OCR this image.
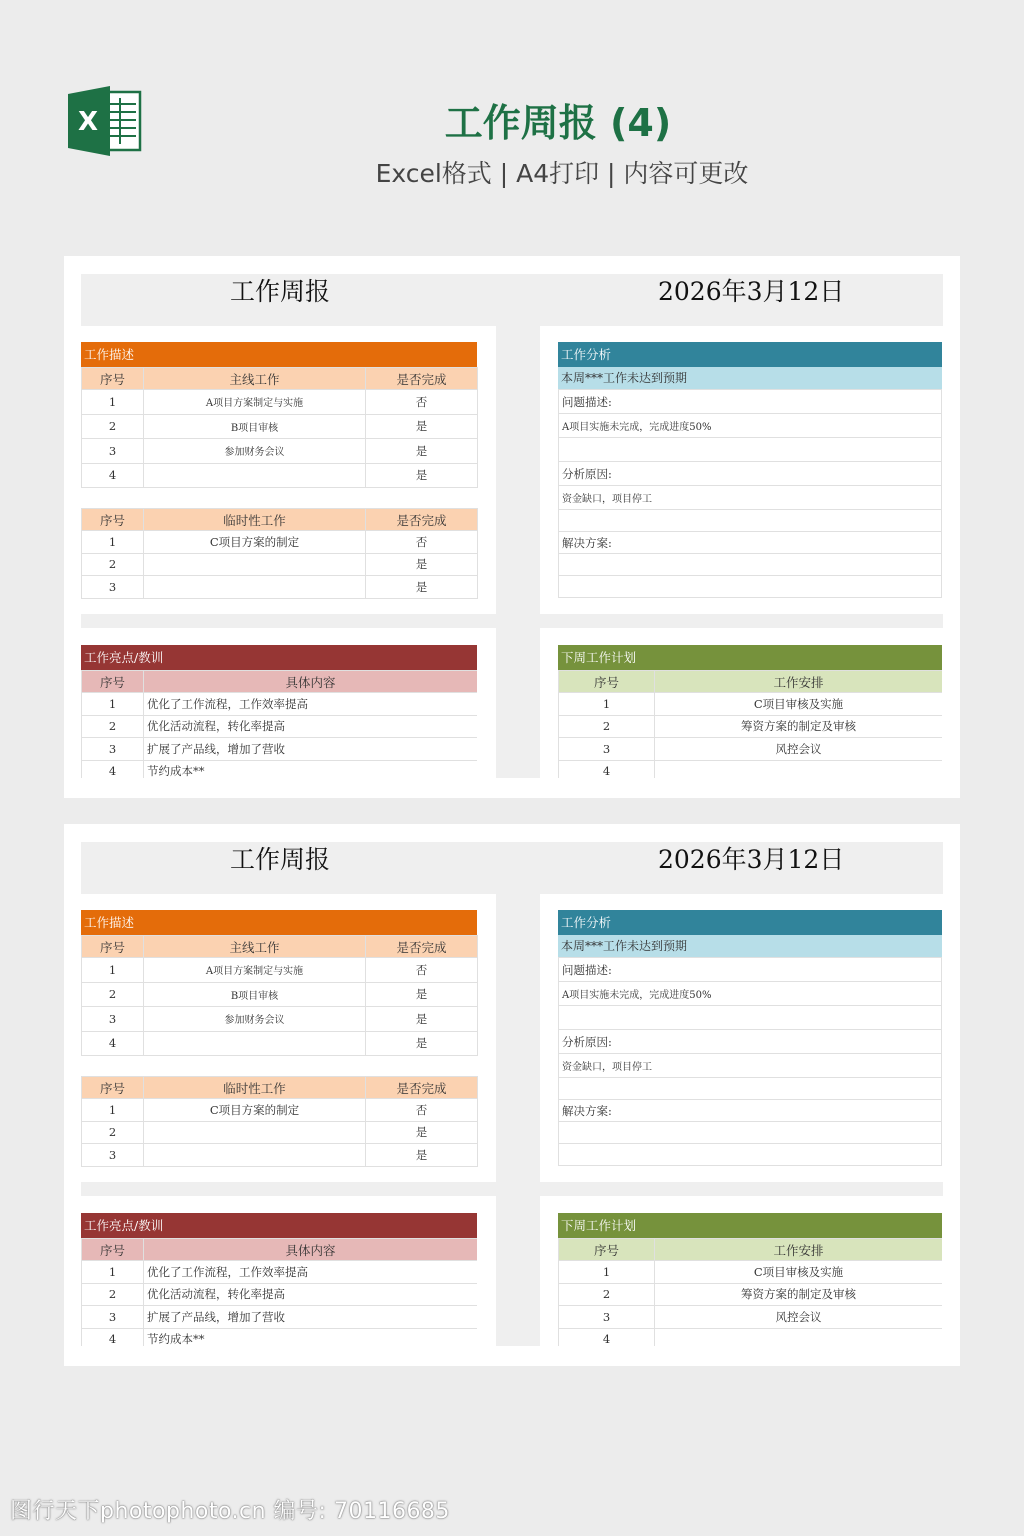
X	工作周报 (4)
Excel格式 | A4打印 | 内容可更改
图行天下photophoto.cn 编号: 70116685
工作周报	2026年3月12日
工作描述
序号	主线工作	是否完成
1	A项目方案制定与实施	否
2	B项目审核	是
3	参加财务会议	是
4		是
序号	临时性工作	是否完成
1	C项目方案的制定	否
2		是
3		是
工作分析
本周***工作未达到预期
问题描述:
A项目实施未完成，完成进度50%

分析原因:
资金缺口，项目停工

解决方案:

工作亮点/教训
序号	具体内容
1	优化了工作流程，工作效率提高
2	优化活动流程，转化率提高
3	扩展了产品线，增加了营收
4	节约成本**
下周工作计划
序号	工作安排
1	C项目审核及实施
2	筹资方案的制定及审核
3	风控会议
4	
工作周报	2026年3月12日
工作描述
序号	主线工作	是否完成
1	A项目方案制定与实施	否
2	B项目审核	是
3	参加财务会议	是
4		是
序号	临时性工作	是否完成
1	C项目方案的制定	否
2		是
3		是
工作分析
本周***工作未达到预期
问题描述:
A项目实施未完成，完成进度50%

分析原因:
资金缺口，项目停工

解决方案:

工作亮点/教训
序号	具体内容
1	优化了工作流程，工作效率提高
2	优化活动流程，转化率提高
3	扩展了产品线，增加了营收
4	节约成本**
下周工作计划
序号	工作安排
1	C项目审核及实施
2	筹资方案的制定及审核
3	风控会议
4	
